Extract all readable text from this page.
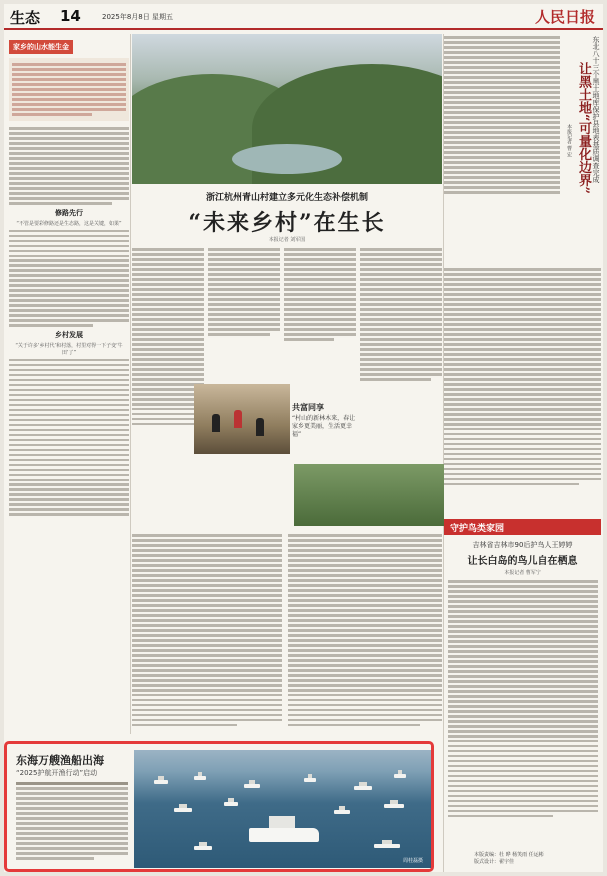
生态 14	2025年8月8日 星期五	人民日报
家乡的山水能生金
修路先行
“不管是要彩修路还是生态路，这是关键，如果”
乡村发展
“关于许多‘乡村代’和村落，村里对得一下子变‘牛田’了”
浙江杭州青山村建立多元化生态补偿机制
“未来乡村”在生长
本报记者 刘军国
共富同享
“村山的新林木来，春让家乡更美丽，生活更幸福”
东北八十三个黑土地库保护县地表基质调查完成
让黑土地“可量化边界”
本报记者 曹 宏
守护鸟类家园
吉林省吉林市90后护鸟人王婷婷
让长白岛的鸟儿自在栖息
本报记者 曹军宁
本版责编：杜 晔 杨笑雨 任运彬
版式设计：翟宇佳
东海万艘渔船出海
“2025护航开渔行动”启动
周桂磊摄
